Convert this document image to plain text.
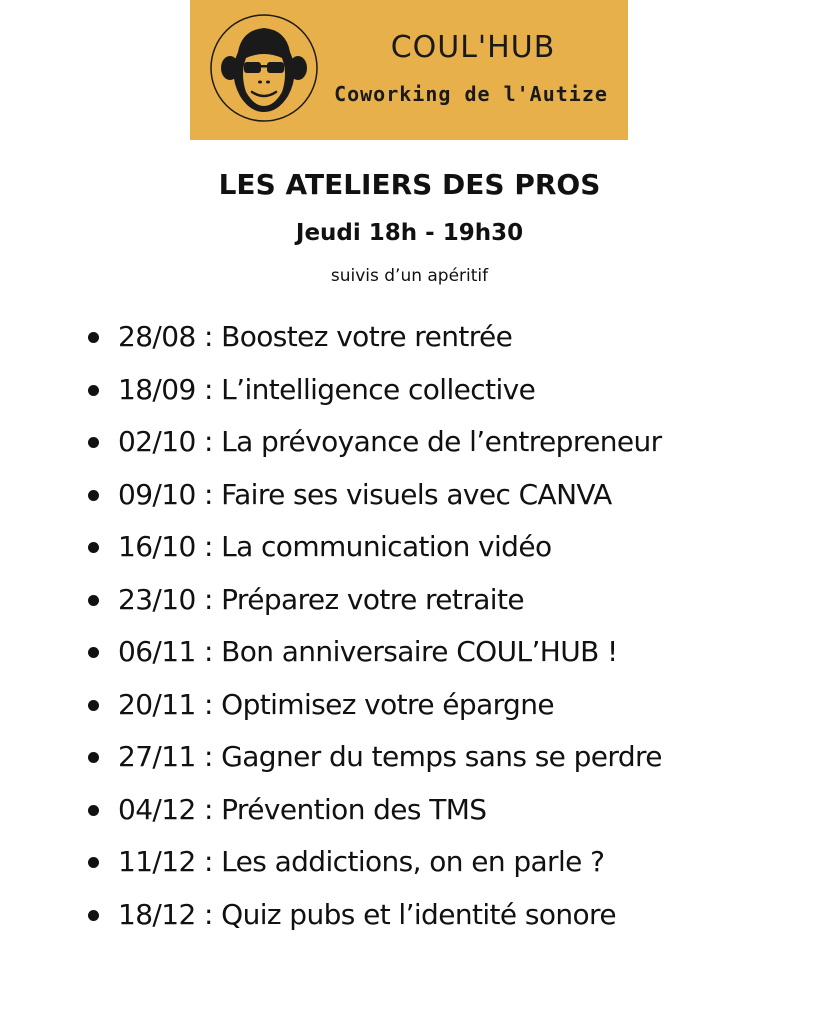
COUL'HUB
Coworking de l'Autize
LES ATELIERS DES PROS
Jeudi 18h - 19h30
suivis d’un apéritif
28/08 : Boostez votre rentrée
18/09 : L’intelligence collective
02/10 : La prévoyance de l’entrepreneur
09/10 : Faire ses visuels avec CANVA
16/10 : La communication vidéo
23/10 : Préparez votre retraite
06/11 : Bon anniversaire COUL’HUB !
20/11 : Optimisez votre épargne
27/11 : Gagner du temps sans se perdre
04/12 : Prévention des TMS
11/12 : Les addictions, on en parle ?
18/12 : Quiz pubs et l’identité sonore
